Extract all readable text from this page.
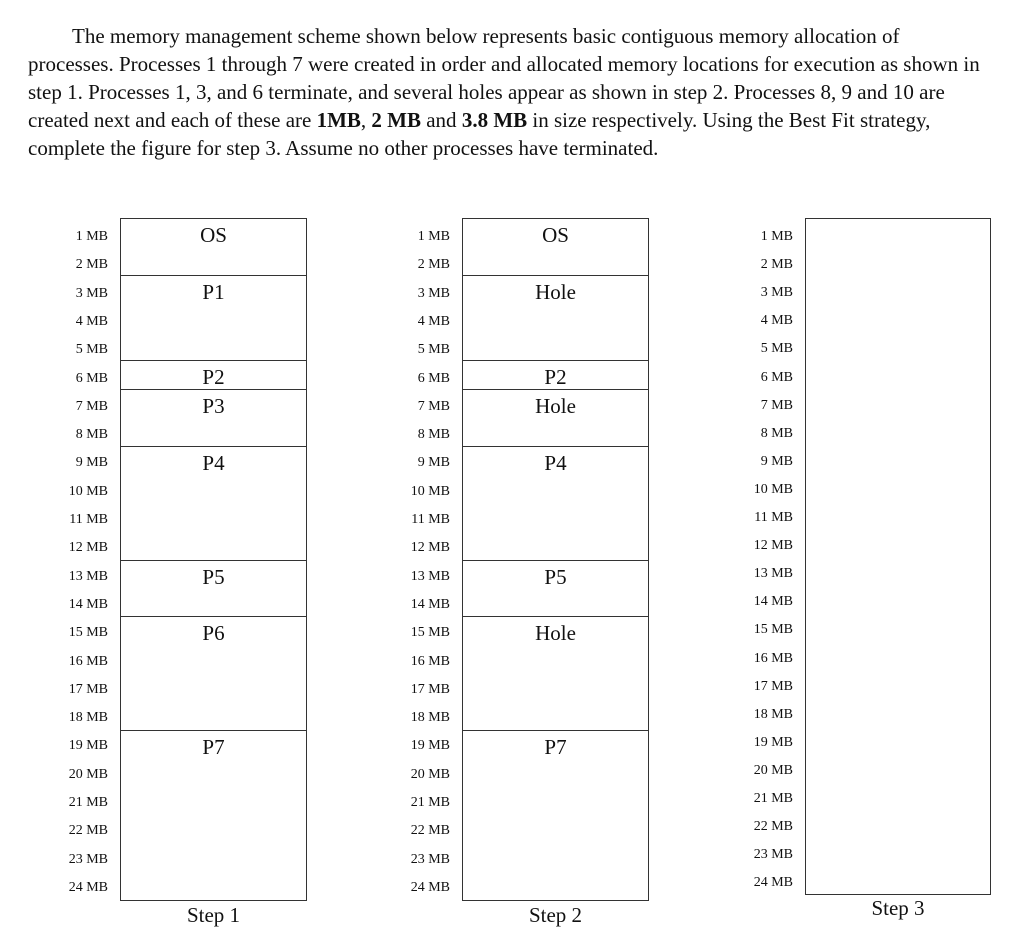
The memory management scheme shown below represents basic contiguous memory allocation of processes. Processes 1 through 7 were created in order and allocated memory locations for execution as shown in step 1. Processes 1, 3, and 6 terminate, and several holes appear as shown in step 2. Processes 8, 9 and 10 are created next and each of these are 1MB, 2 MB and 3.8 MB in size respectively. Using the Best Fit strategy, complete the figure for step 3. Assume no other processes have terminated.
1 MB
2 MB
3 MB
4 MB
5 MB
6 MB
7 MB
8 MB
9 MB
10 MB
11 MB
12 MB
13 MB
14 MB
15 MB
16 MB
17 MB
18 MB
19 MB
20 MB
21 MB
22 MB
23 MB
24 MB
OS
P1
P2
P3
P4
P5
P6
P7
Step 1
1 MB
2 MB
3 MB
4 MB
5 MB
6 MB
7 MB
8 MB
9 MB
10 MB
11 MB
12 MB
13 MB
14 MB
15 MB
16 MB
17 MB
18 MB
19 MB
20 MB
21 MB
22 MB
23 MB
24 MB
OS
Hole
P2
Hole
P4
P5
Hole
P7
Step 2
1 MB
2 MB
3 MB
4 MB
5 MB
6 MB
7 MB
8 MB
9 MB
10 MB
11 MB
12 MB
13 MB
14 MB
15 MB
16 MB
17 MB
18 MB
19 MB
20 MB
21 MB
22 MB
23 MB
24 MB
Step 3
